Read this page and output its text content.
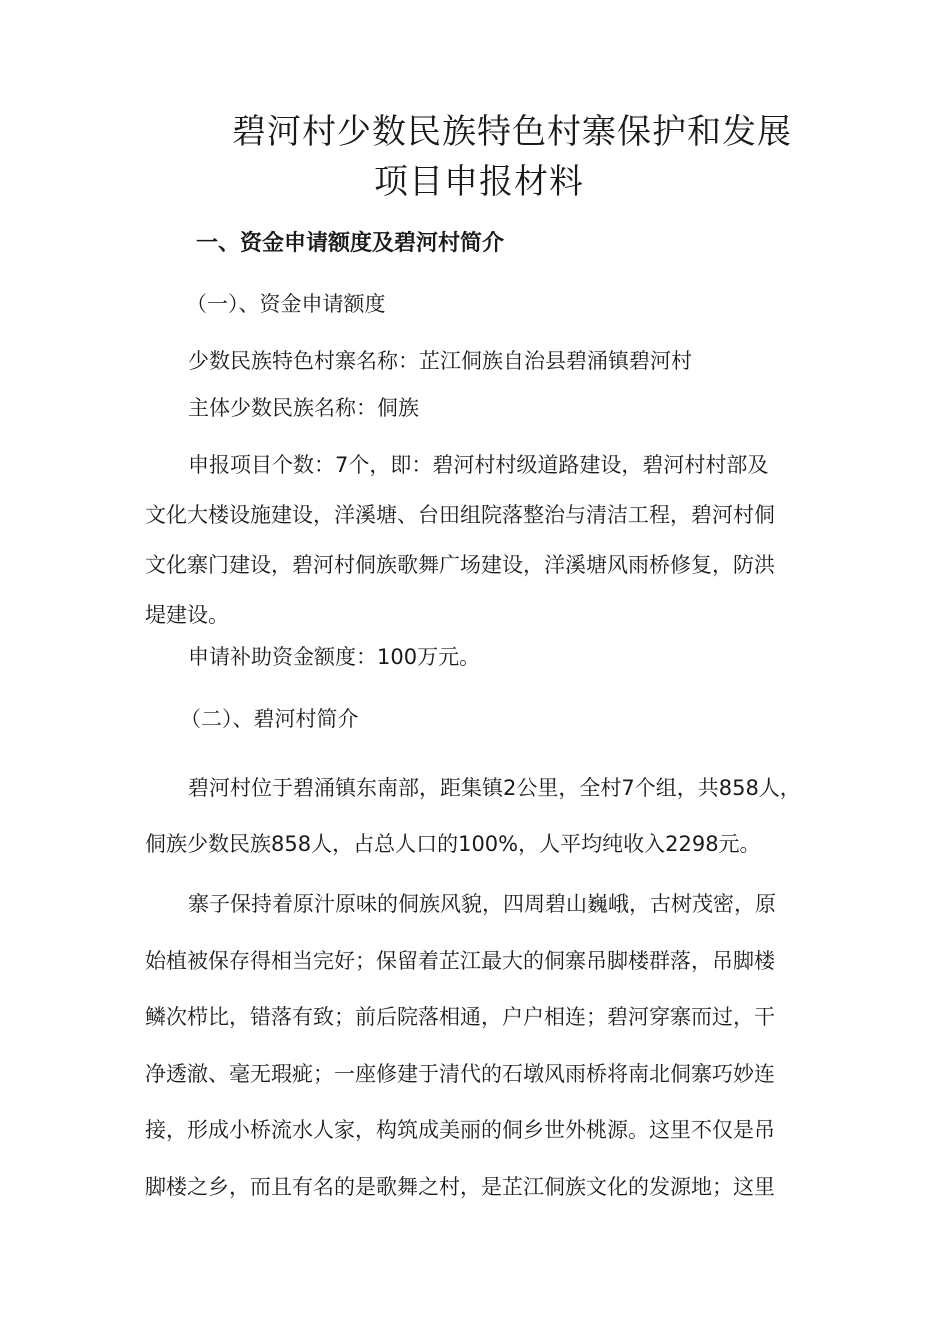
碧河村少数民族特色村寨保护和发展
项目申报材料
一、资金申请额度及碧河村简介
（一）、资金申请额度
少数民族特色村寨名称：芷江侗族自治县碧涌镇碧河村
主体少数民族名称：侗族
申报项目个数：7个，即：碧河村村级道路建设，碧河村村部及
文化大楼设施建设，洋溪塘、台田组院落整治与清洁工程，碧河村侗
文化寨门建设，碧河村侗族歌舞广场建设，洋溪塘风雨桥修复，防洪
堤建设。
申请补助资金额度：100万元。
（二）、碧河村简介
碧河村位于碧涌镇东南部，距集镇2公里，全村7个组，共858人，
侗族少数民族858人，占总人口的100%，人平均纯收入2298元。
寨子保持着原汁原味的侗族风貌，四周碧山巍峨，古树茂密，原
始植被保存得相当完好；保留着芷江最大的侗寨吊脚楼群落，吊脚楼
鳞次栉比，错落有致；前后院落相通，户户相连；碧河穿寨而过，干
净透澈、毫无瑕疵；一座修建于清代的石墩风雨桥将南北侗寨巧妙连
接，形成小桥流水人家，构筑成美丽的侗乡世外桃源。这里不仅是吊
脚楼之乡，而且有名的是歌舞之村，是芷江侗族文化的发源地；这里
